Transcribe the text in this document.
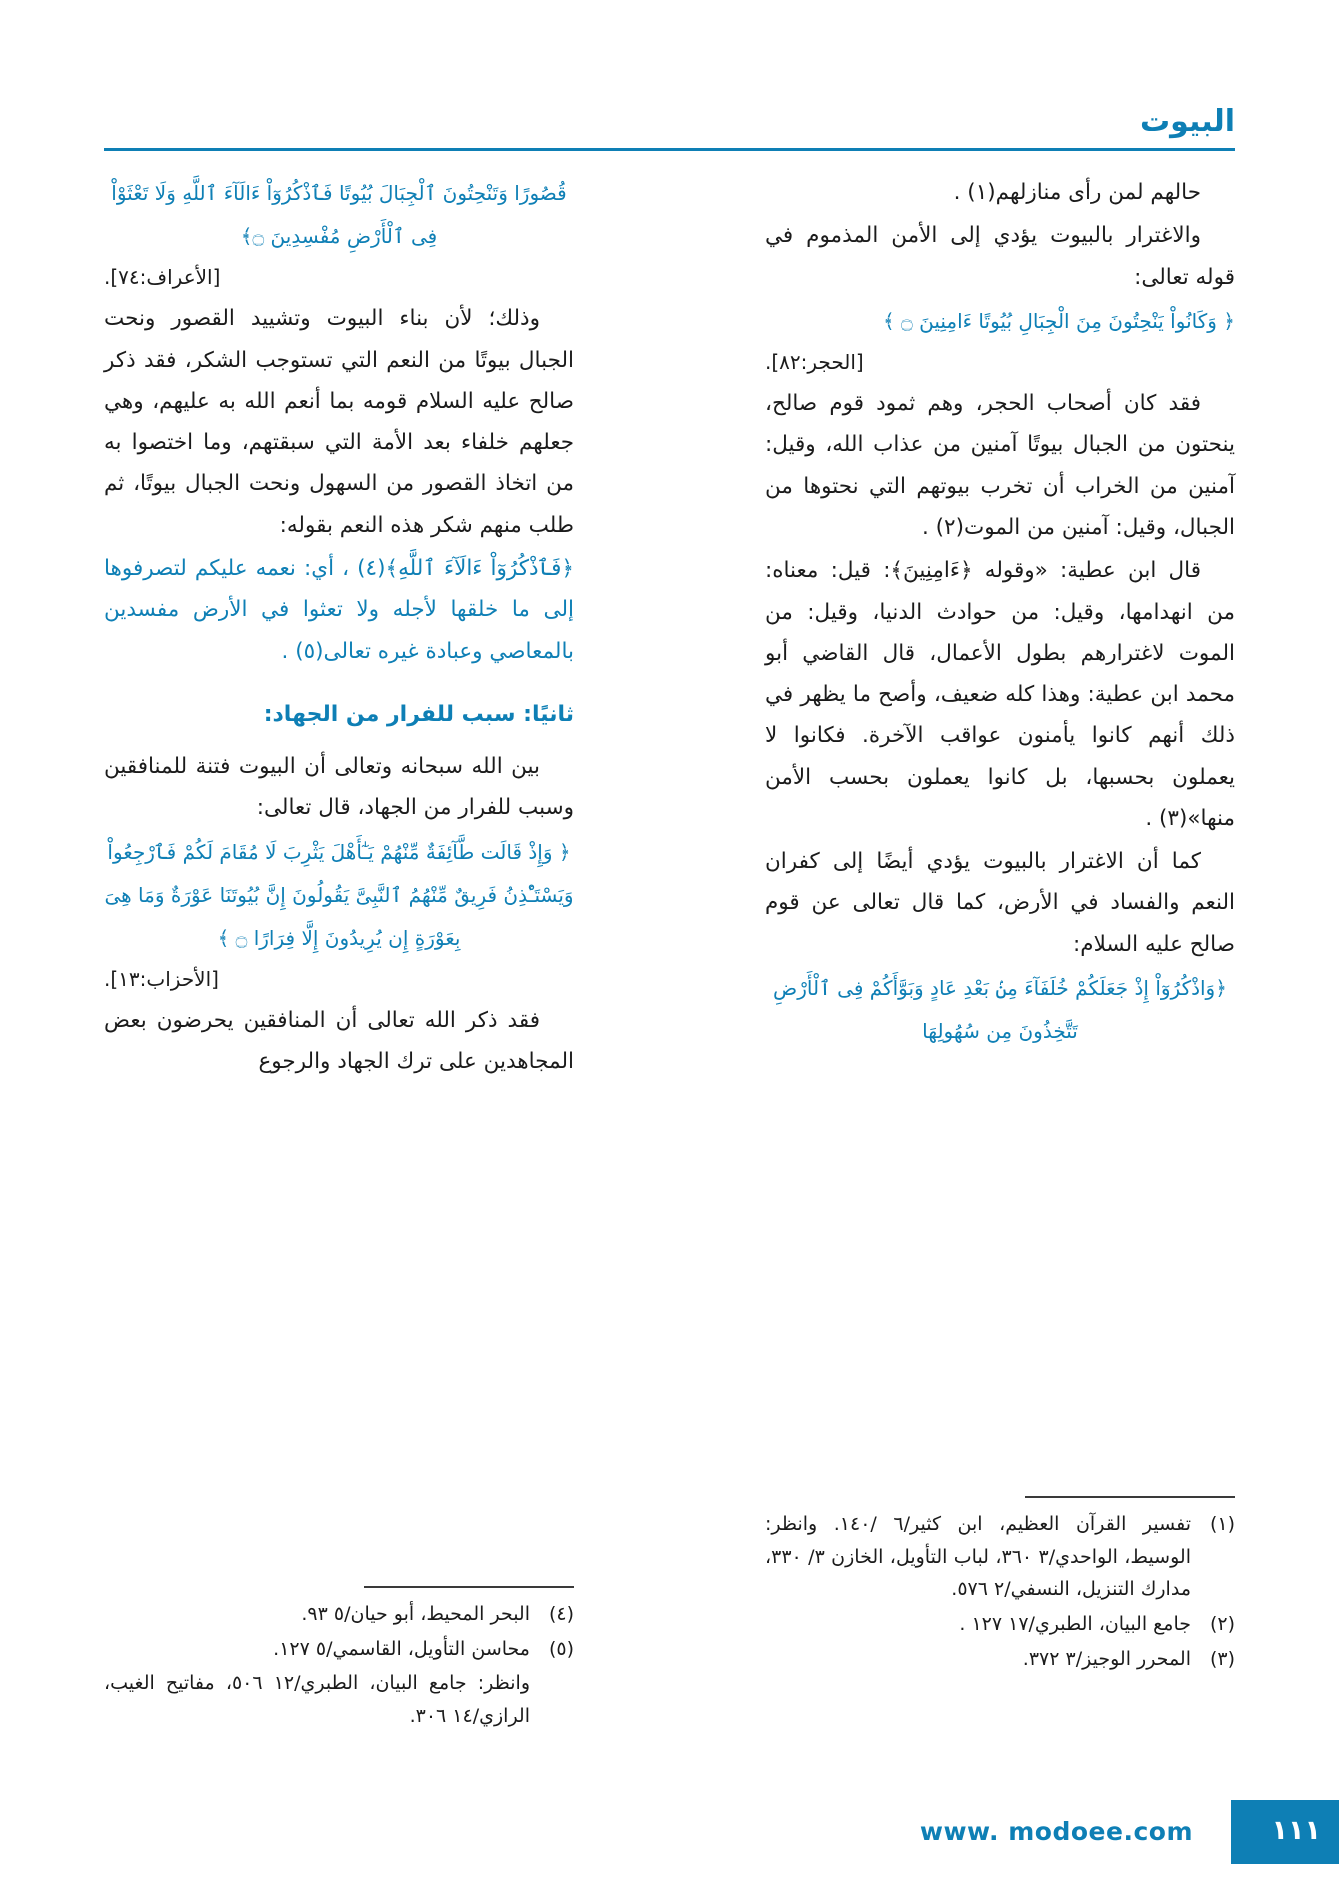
البيوت

حالهم لمن رأى منازلهم(١) .

والاغترار بالبيوت يؤدي إلى الأمن المذموم في قوله تعالى:

﴿ وَكَانُواْ يَنْحِتُونَ مِنَ الْجِبَالِ بُيُوتًا ءَامِنِينَ ۝ ﴾

[الحجر:٨٢].

فقد كان أصحاب الحجر، وهم ثمود قوم صالح، ينحتون من الجبال بيوتًا آمنين من عذاب الله، وقيل: آمنين من الخراب أن تخرب بيوتهم التي نحتوها من الجبال، وقيل: آمنين من الموت(٢) .

قال ابن عطية: «وقوله ﴿ءَامِنِينَ﴾: قيل: معناه: من انهدامها، وقيل: من حوادث الدنيا، وقيل: من الموت لاغترارهم بطول الأعمال، قال القاضي أبو محمد ابن عطية: وهذا كله ضعيف، وأصح ما يظهر في ذلك أنهم كانوا يأمنون عواقب الآخرة. فكانوا لا يعملون بحسبها، بل كانوا يعملون بحسب الأمن منها»(٣) .

كما أن الاغترار بالبيوت يؤدي أيضًا إلى كفران النعم والفساد في الأرض، كما قال تعالى عن قوم صالح عليه السلام:

﴿وَاذْكُرُوٓاْ إِذْ جَعَلَكُمْ خُلَفَآءَ مِنۢ بَعْدِ عَادٍ وَبَوَّأَكُمْ فِى ٱلْأَرْضِ تَتَّخِذُونَ مِن سُهُولِهَا

قُصُورًا وَتَنْحِتُونَ ٱلْجِبَالَ بُيُوتًا فَٱذْكُرُوٓاْ ءَالَآءَ ٱللَّهِ وَلَا تَعْثَوْاْ فِى ٱلْأَرْضِ مُفْسِدِينَ ۝﴾

[الأعراف:٧٤].

وذلك؛ لأن بناء البيوت وتشييد القصور ونحت الجبال بيوتًا من النعم التي تستوجب الشكر، فقد ذكر صالح عليه السلام قومه بما أنعم الله به عليهم، وهي جعلهم خلفاء بعد الأمة التي سبقتهم، وما اختصوا به من اتخاذ القصور من السهول ونحت الجبال بيوتًا، ثم طلب منهم شكر هذه النعم بقوله:

﴿فَٱذْكُرُوٓاْ ءَالَآءَ ٱللَّهِ﴾(٤) ، أي: نعمه عليكم لتصرفوها إلى ما خلقها لأجله ولا تعثوا في الأرض مفسدين بالمعاصي وعبادة غيره تعالى(٥) .

ثانيًا: سبب للفرار من الجهاد:

بين الله سبحانه وتعالى أن البيوت فتنة للمنافقين وسبب للفرار من الجهاد، قال تعالى:

﴿ وَإِذْ قَالَت طَّآئِفَةٌ مِّنْهُمْ يَـٰٓأَهْلَ يَثْرِبَ لَا مُقَامَ لَكُمْ فَٱرْجِعُواْ وَيَسْتَـْٔذِنُ فَرِيقٌ مِّنْهُمُ ٱلنَّبِىَّ يَقُولُونَ إِنَّ بُيُوتَنَا عَوْرَةٌ وَمَا هِىَ بِعَوْرَةٍ إِن يُرِيدُونَ إِلَّا فِرَارًا ۝ ﴾

[الأحزاب:١٣].

فقد ذكر الله تعالى أن المنافقين يحرضون بعض المجاهدين على ترك الجهاد والرجوع

(١)
تفسير القرآن العظيم، ابن كثير/٦ /١٤٠. وانظر: الوسيط، الواحدي/٣ ٣٦٠، لباب التأويل، الخازن ٣/ ٣٣٠، مدارك التنزيل، النسفي/٢ ٥٧٦.
(٢)
جامع البيان، الطبري/١٧ ١٢٧ .
(٣)
المحرر الوجيز/٣ ٣٧٢.
(٤)
البحر المحيط، أبو حيان/٥ ٩٣.
(٥)
محاسن التأويل، القاسمي/٥ ١٢٧.
وانظر: جامع البيان، الطبري/١٢ ٥٠٦، مفاتيح الغيب، الرازي/١٤ ٣٠٦.
١١١
www. modoee.com
